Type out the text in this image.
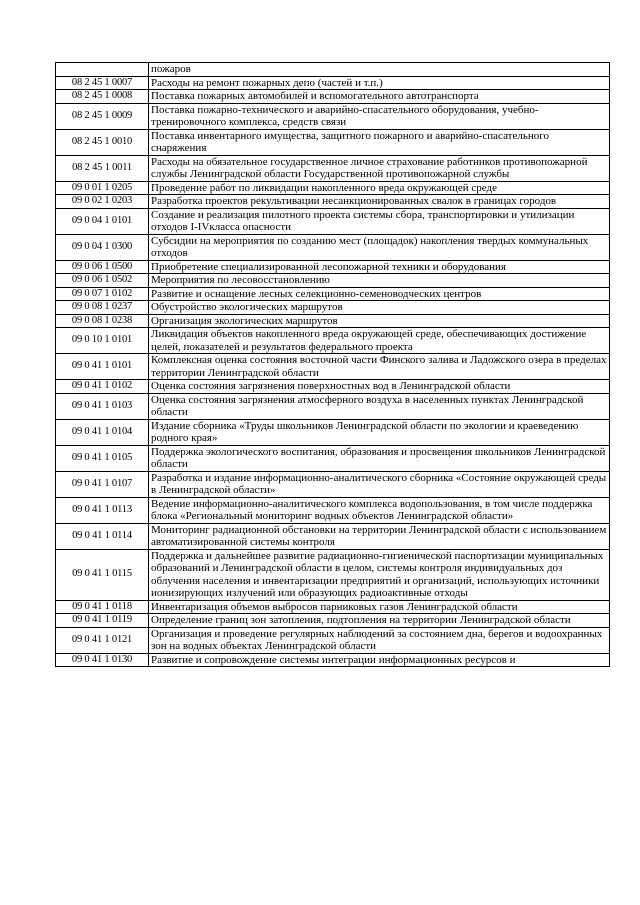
	пожаров
08 2 45 1 0007	Расходы на ремонт пожарных депо (частей и т.п.)
08 2 45 1 0008	Поставка пожарных автомобилей и вспомогательного автотранспорта
08 2 45 1 0009	Поставка пожарно-технического и аварийно-спасательного оборудования, учебно-тренировочного комплекса, средств связи
08 2 45 1 0010	Поставка инвентарного имущества, защитного пожарного и аварийно-спасательного снаряжения
08 2 45 1 0011	Расходы на обязательное государственное личное страхование работников противопожарной службы Ленинградской области Государственной противопожарной службы
09 0 01 1 0205	Проведение работ по ликвидации накопленного вреда окружающей среде
09 0 02 1 0203	Разработка проектов рекультивации несанкционированных свалок в границах городов
09 0 04 1 0101	Создание и реализация пилотного проекта системы сбора, транспортировки и утилизации отходов I-IVкласса опасности
09 0 04 1 0300	Субсидии на мероприятия по созданию мест (площадок) накопления твердых коммунальных отходов
09 0 06 1 0500	Приобретение специализированной лесопожарной техники и оборудования
09 0 06 1 0502	Мероприятия по лесовосстановлению
09 0 07 1 0102	Развитие и оснащение лесных селекционно-семеноводческих центров
09 0 08 1 0237	Обустройство экологических маршрутов
09 0 08 1 0238	Организация экологических маршрутов
09 0 10 1 0101	Ликвидация объектов накопленного вреда окружающей среде, обеспечивающих достижение целей, показателей и результатов федерального проекта
09 0 41 1 0101	Комплексная оценка состояния восточной части Финского залива и Ладожского озера в пределах территории Ленинградской области
09 0 41 1 0102	Оценка состояния загрязнения поверхностных вод в Ленинградской области
09 0 41 1 0103	Оценка состояния загрязнения атмосферного воздуха в населенных пунктах Ленинградской области
09 0 41 1 0104	Издание сборника «Труды школьников Ленинградской области по экологии и краеведению родного края»
09 0 41 1 0105	Поддержка экологического воспитания, образования и просвещения школьников Ленинградской области
09 0 41 1 0107	Разработка и издание информационно-аналитического сборника «Состояние окружающей среды в Ленинградской области»
09 0 41 1 0113	Ведение информационно-аналитического комплекса водопользования, в том числе поддержка блока «Региональный мониторинг водных объектов Ленинградской области»
09 0 41 1 0114	Мониторинг радиационной обстановки на территории Ленинградской области с использованием автоматизированной системы контроля
09 0 41 1 0115	Поддержка и дальнейшее развитие радиационно-гигиенической паспортизации муниципальных образований и Ленинградской области в целом, системы контроля индивидуальных доз облучения населения и инвентаризации предприятий и организаций, использующих источники ионизирующих излучений или образующих радиоактивные отходы
09 0 41 1 0118	Инвентаризация объемов выбросов парниковых газов Ленинградской области
09 0 41 1 0119	Определение границ зон затопления, подтопления на территории Ленинградской области
09 0 41 1 0121	Организация и проведение регулярных наблюдений за состоянием дна, берегов и водоохранных зон на водных объектах Ленинградской области
09 0 41 1 0130	Развитие и сопровождение системы интеграции информационных ресурсов и
